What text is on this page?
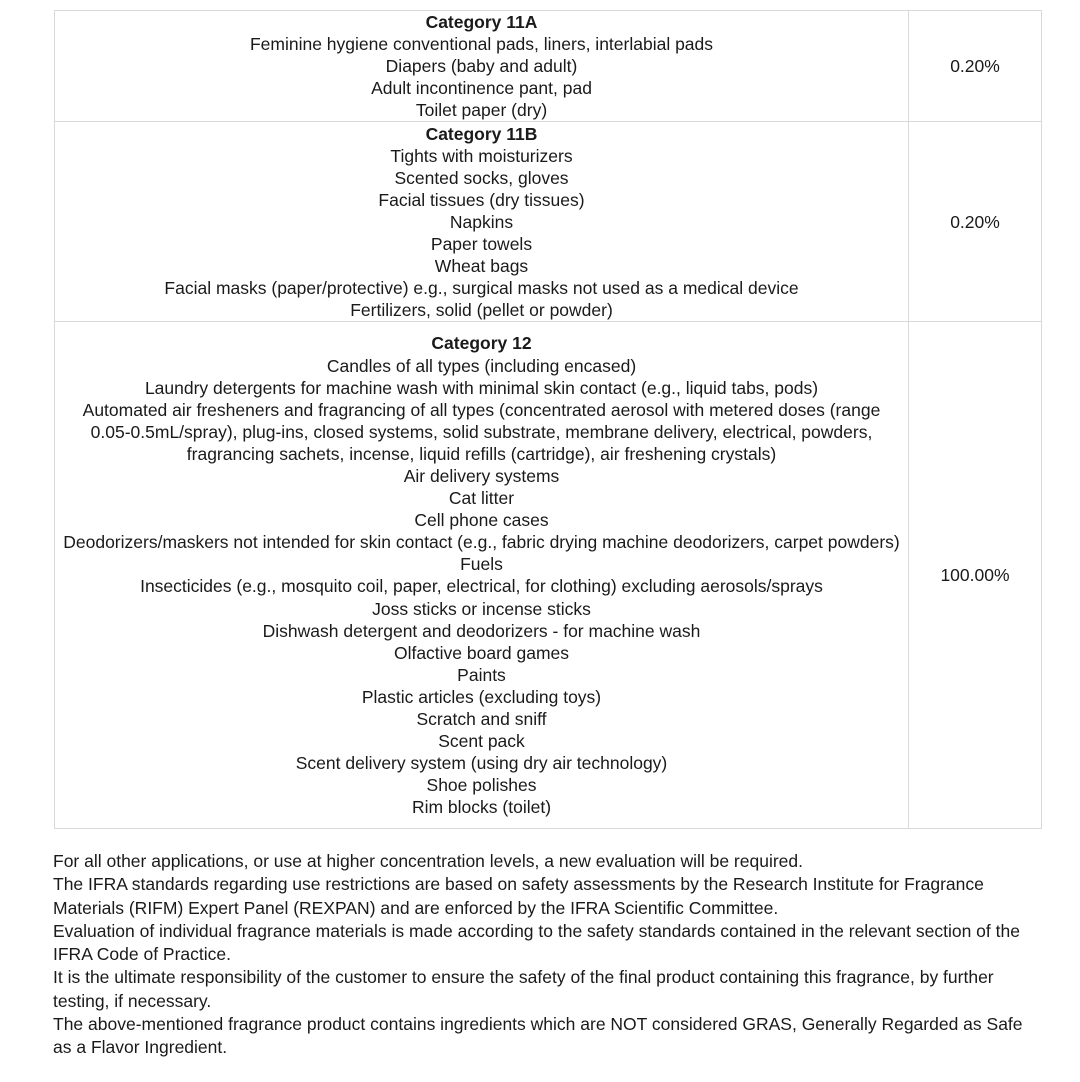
Category 11A
Feminine hygiene conventional pads, liners, interlabial pads
Diapers (baby and adult)
Adult incontinence pant, pad
Toilet paper (dry)	0.20%

Category 11B
Tights with moisturizers
Scented socks, gloves
Facial tissues (dry tissues)
Napkins
Paper towels
Wheat bags
Facial masks (paper/protective) e.g., surgical masks not used as a medical device
Fertilizers, solid (pellet or powder)
	0.20%

Category 12
Candles of all types (including encased)
Laundry detergents for machine wash with minimal skin contact (e.g., liquid tabs, pods)
Automated air fresheners and fragrancing of all types (concentrated aerosol with metered doses (range 0.05-0.5mL/spray), plug-ins, closed systems, solid substrate, membrane delivery, electrical, powders, fragrancing sachets, incense, liquid refills (cartridge), air freshening crystals)
Air delivery systems
Cat litter
Cell phone cases
Deodorizers/maskers not intended for skin contact (e.g., fabric drying machine deodorizers, carpet powders)
Fuels
Insecticides (e.g., mosquito coil, paper, electrical, for clothing) excluding aerosols/sprays
Joss sticks or incense sticks
Dishwash detergent and deodorizers - for machine wash
Olfactive board games
Paints
Plastic articles (excluding toys)
Scratch and sniff
Scent pack
Scent delivery system (using dry air technology)
Shoe polishes
Rim blocks (toilet)
	100.00%

For all other applications, or use at higher concentration levels, a new evaluation will be required.

The IFRA standards regarding use restrictions are based on safety assessments by the Research Institute for Fragrance Materials (RIFM) Expert Panel (REXPAN) and are enforced by the IFRA Scientific Committee.

Evaluation of individual fragrance materials is made according to the safety standards contained in the relevant section of the IFRA Code of Practice.

It is the ultimate responsibility of the customer to ensure the safety of the final product containing this fragrance, by further testing, if necessary.

The above-mentioned fragrance product contains ingredients which are NOT considered GRAS, Generally Regarded as Safe as a Flavor Ingredient.
